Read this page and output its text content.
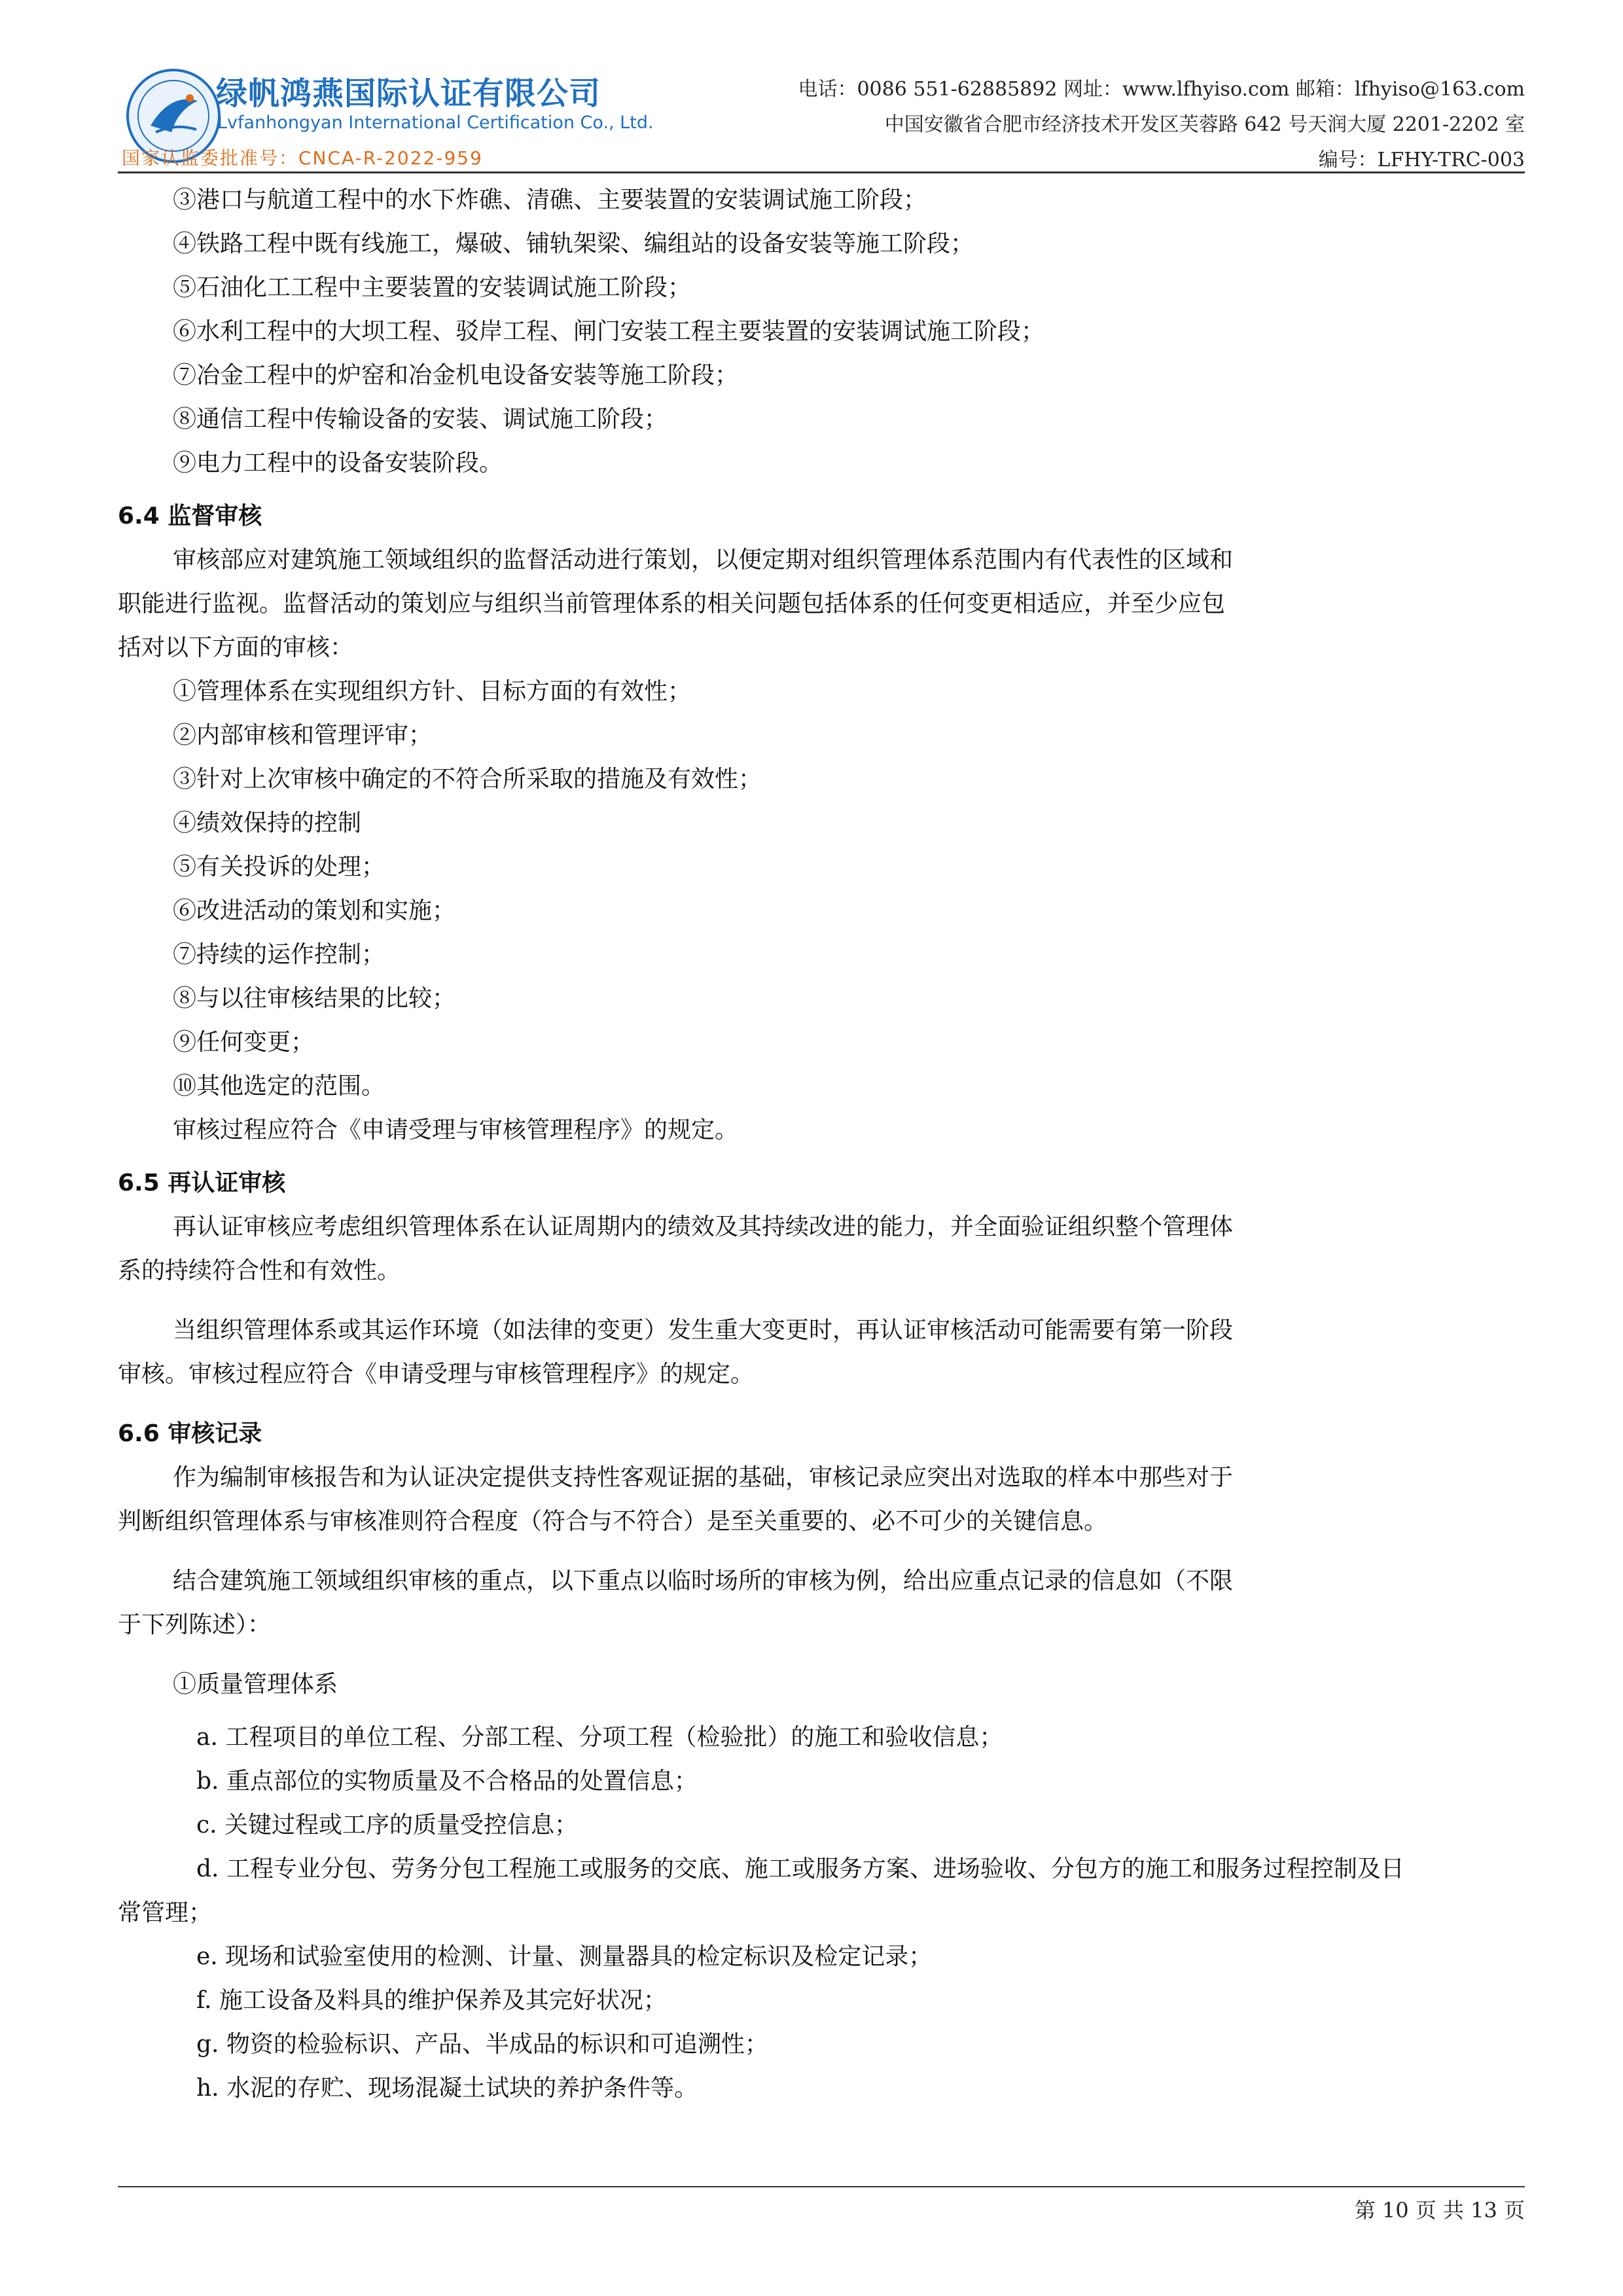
绿帆鸿燕国际认证有限公司
Lvfanhongyan International Certification Co., Ltd.
国家认监委批准号：CNCA-R-2022-959
电话：0086 551-62885892 网址：www.lfhyiso.com 邮箱：lfhyiso@163.com
中国安徽省合肥市经济技术开发区芙蓉路 642 号天润大厦 2201-2202 室
编号：LFHY-TRC-003

③港口与航道工程中的水下炸礁、清礁、主要装置的安装调试施工阶段；

④铁路工程中既有线施工，爆破、铺轨架梁、编组站的设备安装等施工阶段；

⑤石油化工工程中主要装置的安装调试施工阶段；

⑥水利工程中的大坝工程、驳岸工程、闸门安装工程主要装置的安装调试施工阶段；

⑦冶金工程中的炉窑和冶金机电设备安装等施工阶段；

⑧通信工程中传输设备的安装、调试施工阶段；

⑨电力工程中的设备安装阶段。

6.4 监督审核

审核部应对建筑施工领域组织的监督活动进行策划，以便定期对组织管理体系范围内有代表性的区域和

职能进行监视。监督活动的策划应与组织当前管理体系的相关问题包括体系的任何变更相适应，并至少应包

括对以下方面的审核：

①管理体系在实现组织方针、目标方面的有效性；

②内部审核和管理评审；

③针对上次审核中确定的不符合所采取的措施及有效性；

④绩效保持的控制

⑤有关投诉的处理；

⑥改进活动的策划和实施；

⑦持续的运作控制；

⑧与以往审核结果的比较；

⑨任何变更；

⑩其他选定的范围。

审核过程应符合《申请受理与审核管理程序》的规定。

6.5 再认证审核

再认证审核应考虑组织管理体系在认证周期内的绩效及其持续改进的能力，并全面验证组织整个管理体

系的持续符合性和有效性。

当组织管理体系或其运作环境（如法律的变更）发生重大变更时，再认证审核活动可能需要有第一阶段

审核。审核过程应符合《申请受理与审核管理程序》的规定。

6.6 审核记录

作为编制审核报告和为认证决定提供支持性客观证据的基础，审核记录应突出对选取的样本中那些对于

判断组织管理体系与审核准则符合程度（符合与不符合）是至关重要的、必不可少的关键信息。

结合建筑施工领域组织审核的重点，以下重点以临时场所的审核为例，给出应重点记录的信息如（不限

于下列陈述）：

①质量管理体系

a. 工程项目的单位工程、分部工程、分项工程（检验批）的施工和验收信息；

b. 重点部位的实物质量及不合格品的处置信息；

c. 关键过程或工序的质量受控信息；

d. 工程专业分包、劳务分包工程施工或服务的交底、施工或服务方案、进场验收、分包方的施工和服务过程控制及日

常管理；

e. 现场和试验室使用的检测、计量、测量器具的检定标识及检定记录；

f. 施工设备及料具的维护保养及其完好状况；

g. 物资的检验标识、产品、半成品的标识和可追溯性；

h. 水泥的存贮、现场混凝土试块的养护条件等。

第 10 页 共 13 页
